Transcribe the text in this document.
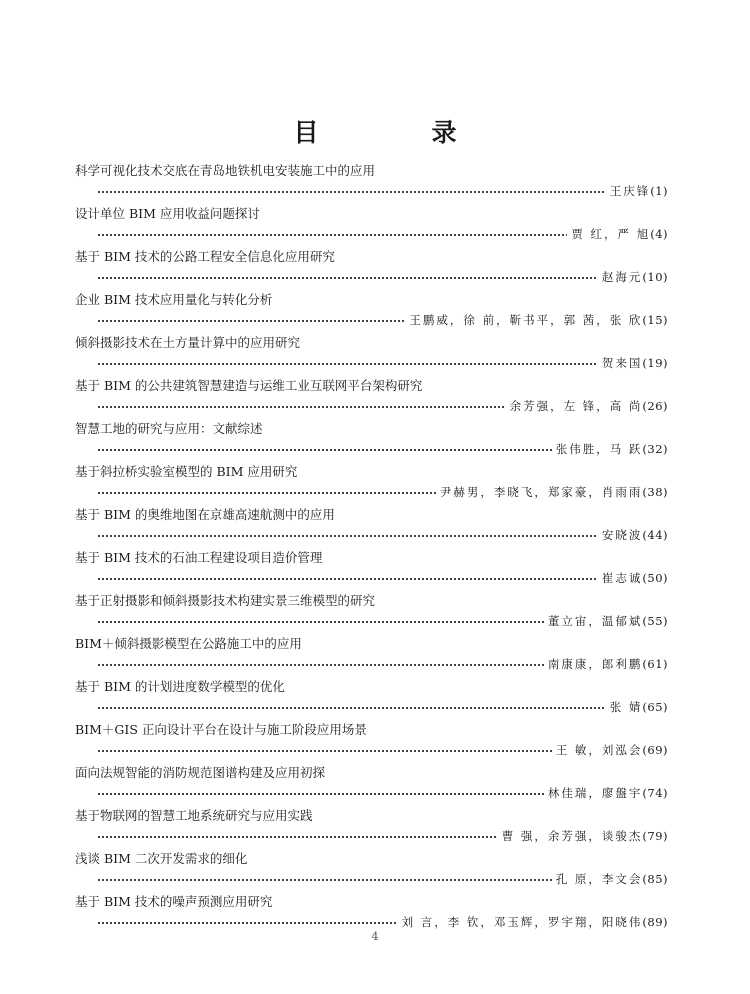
目　录
科学可视化技术交底在青岛地铁机电安装施工中的应用
王庆锋 (1)
设计单位 BIM 应用收益问题探讨
贾 红，严 旭 (4)
基于 BIM 技术的公路工程安全信息化应用研究
赵海元 (10)
企业 BIM 技术应用量化与转化分析
王鹏威，徐 前，靳书平，郭 茜，张 欣 (15)
倾斜摄影技术在土方量计算中的应用研究
贺来国 (19)
基于 BIM 的公共建筑智慧建造与运维工业互联网平台架构研究
余芳强，左 锋，高 尚 (26)
智慧工地的研究与应用：文献综述
张伟胜，马 跃 (32)
基于斜拉桥实验室模型的 BIM 应用研究
尹赫男，李晓飞，郑家豪，肖雨雨 (38)
基于 BIM 的奥维地图在京雄高速航测中的应用
安晓波 (44)
基于 BIM 技术的石油工程建设项目造价管理
崔志诚 (50)
基于正射摄影和倾斜摄影技术构建实景三维模型的研究
董立宙，温郁斌 (55)
BIM＋倾斜摄影模型在公路施工中的应用
南康康，郎利鹏 (61)
基于 BIM 的计划进度数学模型的优化
张 婧 (65)
BIM＋GIS 正向设计平台在设计与施工阶段应用场景
王 敏，刘泓会 (69)
面向法规智能的消防规范图谱构建及应用初探
林佳瑞，廖盤宇 (74)
基于物联网的智慧工地系统研究与应用实践
曹 强，余芳强，谈骏杰 (79)
浅谈 BIM 二次开发需求的细化
孔 原，李文会 (85)
基于 BIM 技术的噪声预测应用研究
刘 言，李 钦，邓玉辉，罗宇翔，阳晓伟 (89)
4
